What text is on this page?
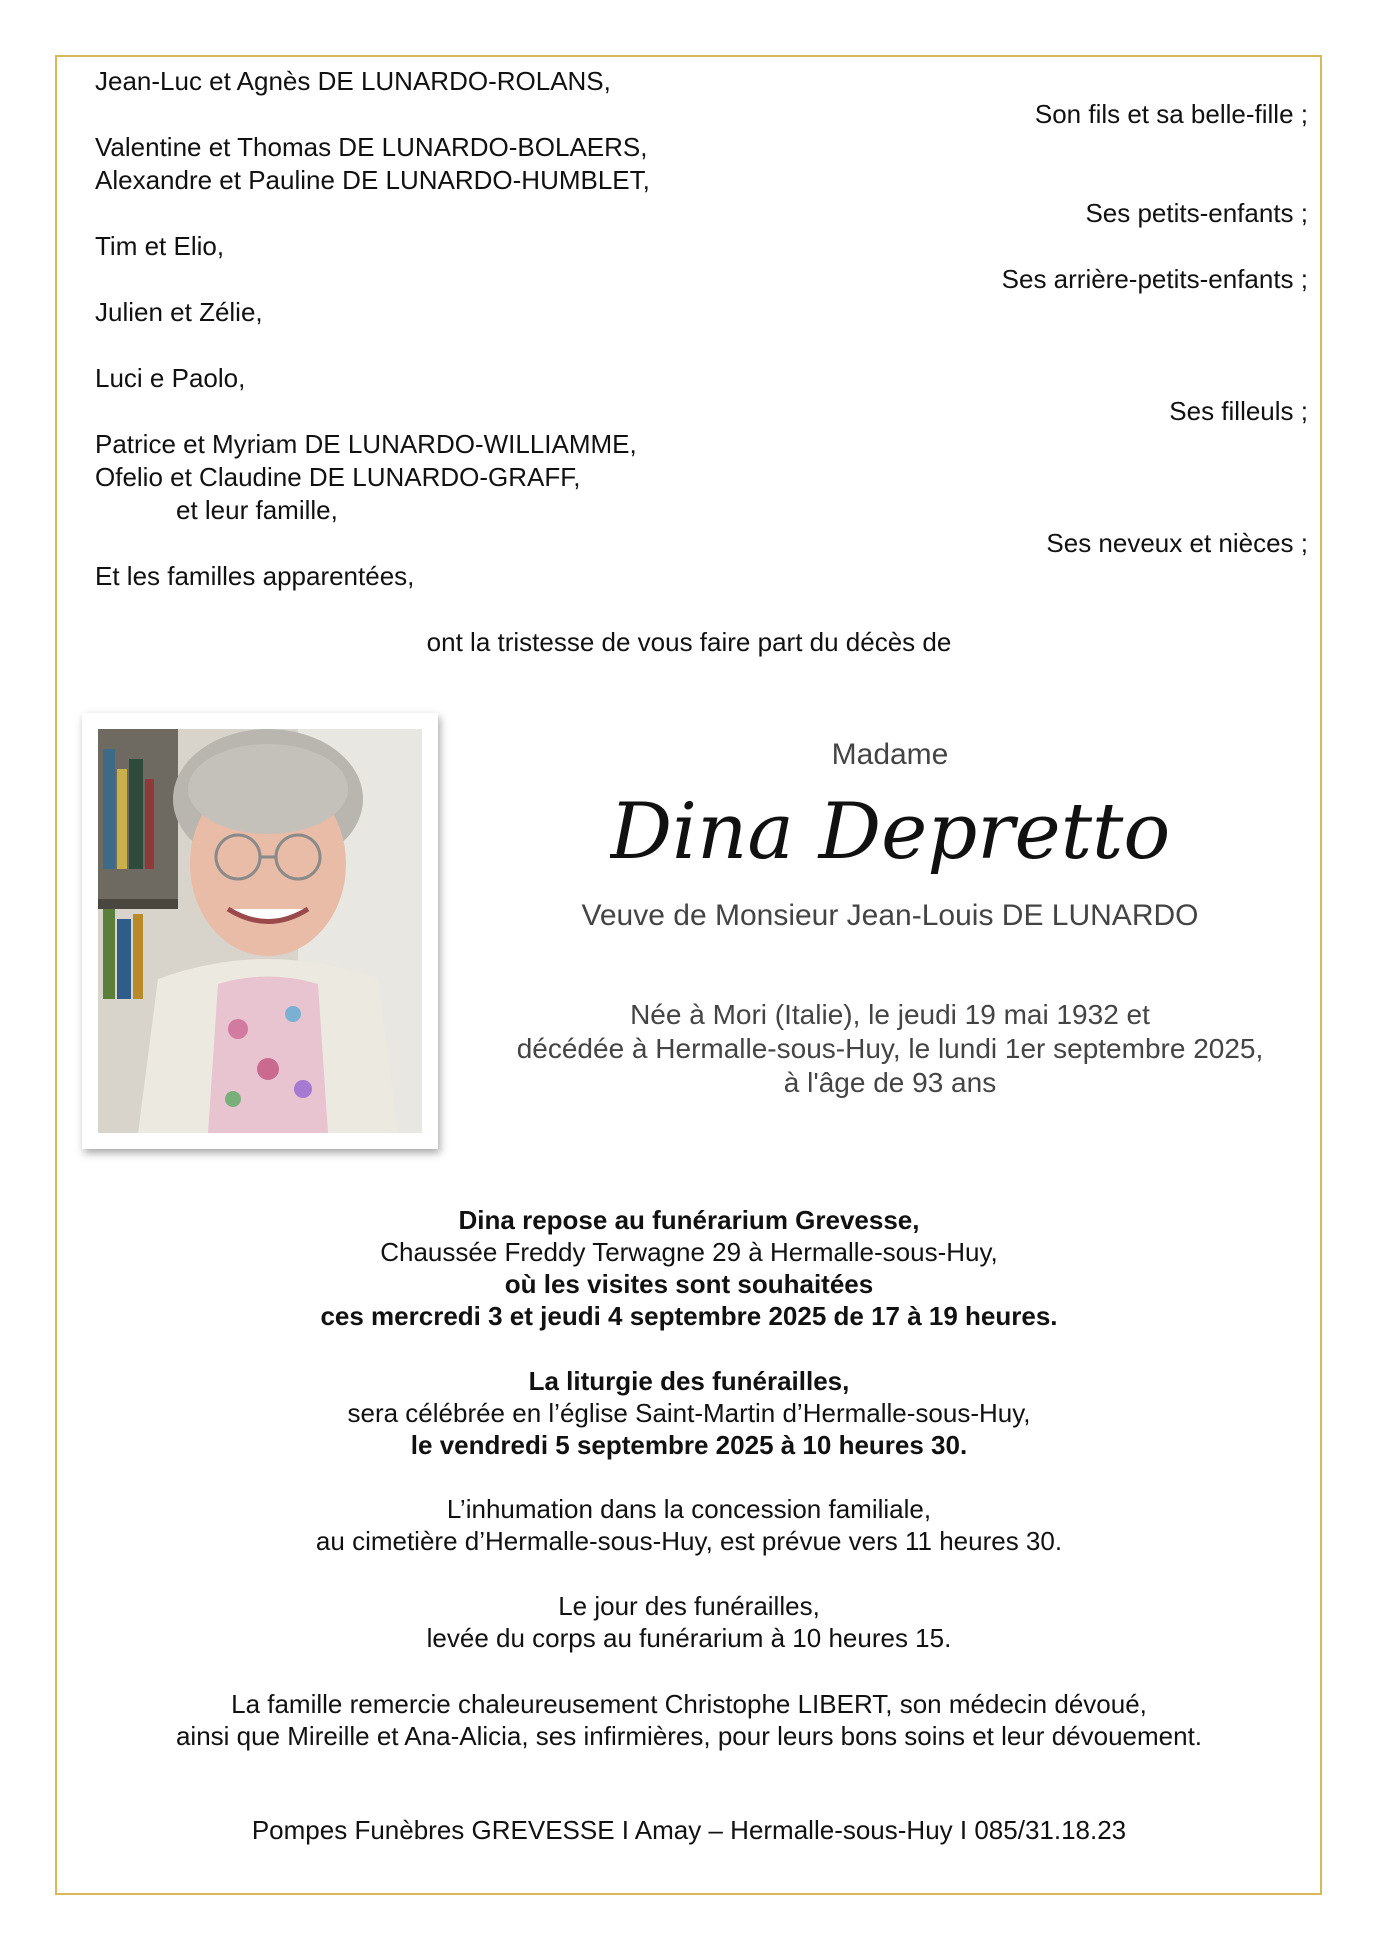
Jean-Luc et Agnès DE LUNARDO-ROLANS,
Son fils et sa belle-fille ;
Valentine et Thomas DE LUNARDO-BOLAERS,
Alexandre et Pauline DE LUNARDO-HUMBLET,
Ses petits-enfants ;
Tim et Elio,
Ses arrière-petits-enfants ;
Julien et Zélie,
Luci e Paolo,
Ses filleuls ;
Patrice et Myriam DE LUNARDO-WILLIAMME,
Ofelio et Claudine DE LUNARDO-GRAFF,
et leur famille,
Ses neveux et nièces ;
Et les familles apparentées,
ont la tristesse de vous faire part du décès de
Madame
Dina Depretto
Veuve de Monsieur Jean-Louis DE LUNARDO
Née à Mori (Italie), le jeudi 19 mai 1932 et
décédée à Hermalle-sous-Huy, le lundi 1er septembre 2025,
à l'âge de 93 ans
Dina repose au funérarium Grevesse,
Chaussée Freddy Terwagne 29 à Hermalle-sous-Huy,
où les visites sont souhaitées
ces mercredi 3 et jeudi 4 septembre 2025 de 17 à 19 heures.
La liturgie des funérailles,
sera célébrée en l’église Saint-Martin d’Hermalle-sous-Huy,
le vendredi 5 septembre 2025 à 10 heures 30.
L’inhumation dans la concession familiale,
au cimetière d’Hermalle-sous-Huy, est prévue vers 11 heures 30.
Le jour des funérailles,
levée du corps au funérarium à 10 heures 15.
La famille remercie chaleureusement Christophe LIBERT, son médecin dévoué,
ainsi que Mireille et Ana-Alicia, ses infirmières, pour leurs bons soins et leur dévouement.
Pompes Funèbres GREVESSE I Amay – Hermalle-sous-Huy I 085/31.18.23
